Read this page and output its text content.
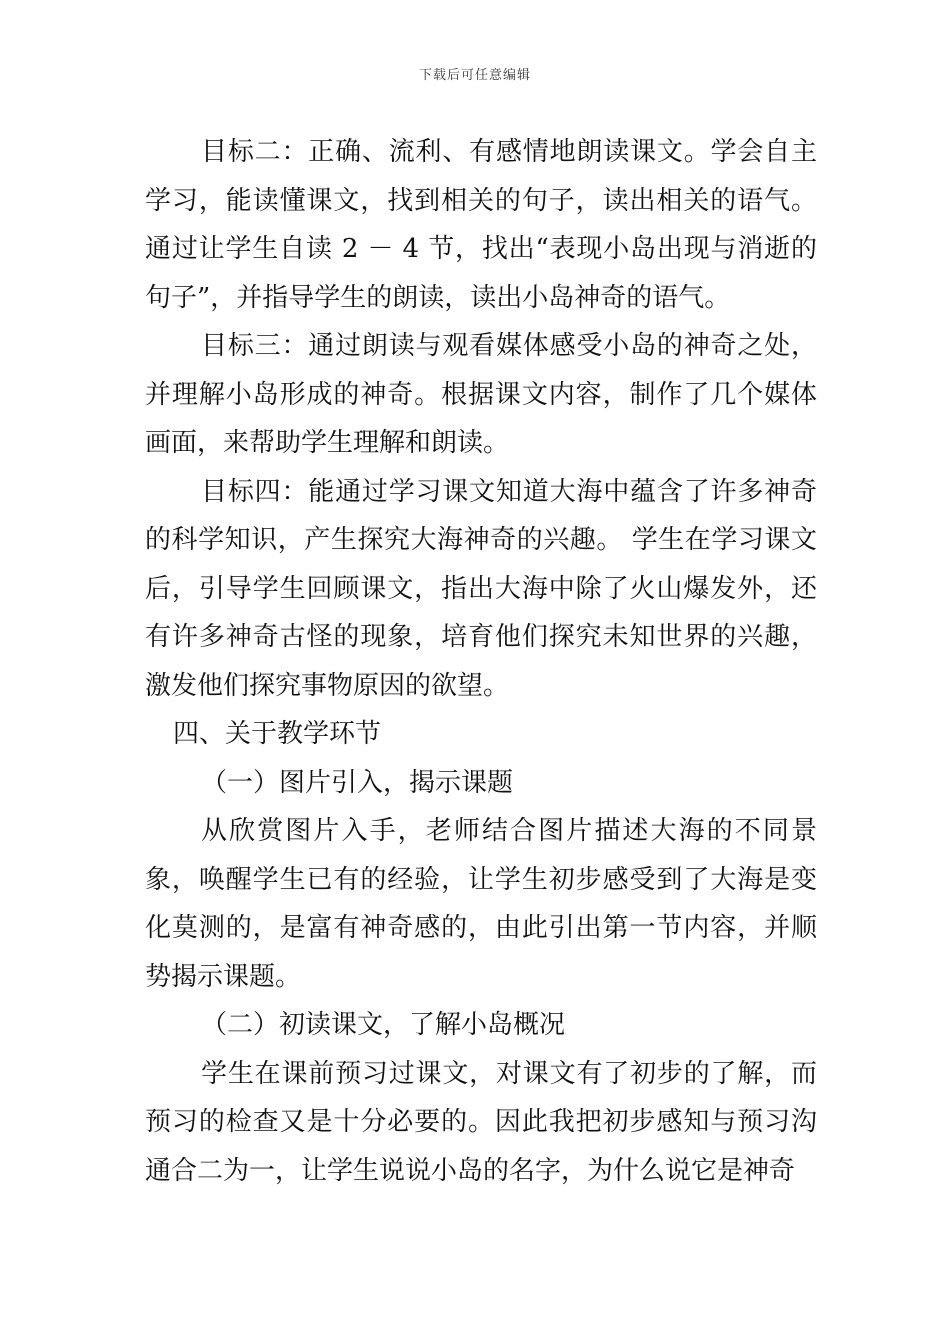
下载后可任意编辑

目标二：正确、流利、有感情地朗读课文。学会自主学习，能读懂课文，找到相关的句子，读出相关的语气。通过让学生自读 2 － 4 节，找出“表现小岛出现与消逝的句子”，并指导学生的朗读，读出小岛神奇的语气。

目标三：通过朗读与观看媒体感受小岛的神奇之处，并理解小岛形成的神奇。根据课文内容，制作了几个媒体画面，来帮助学生理解和朗读。

目标四：能通过学习课文知道大海中蕴含了许多神奇的科学知识，产生探究大海神奇的兴趣。 学生在学习课文后，引导学生回顾课文，指出大海中除了火山爆发外，还有许多神奇古怪的现象，培育他们探究未知世界的兴趣，激发他们探究事物原因的欲望。

四、关于教学环节

（一）图片引入，揭示课题

从欣赏图片入手，老师结合图片描述大海的不同景象，唤醒学生已有的经验，让学生初步感受到了大海是变化莫测的，是富有神奇感的，由此引出第一节内容，并顺势揭示课题。

（二）初读课文，了解小岛概况

学生在课前预习过课文，对课文有了初步的了解，而预习的检查又是十分必要的。因此我把初步感知与预习沟通合二为一，让学生说说小岛的名字，为什么说它是神奇
